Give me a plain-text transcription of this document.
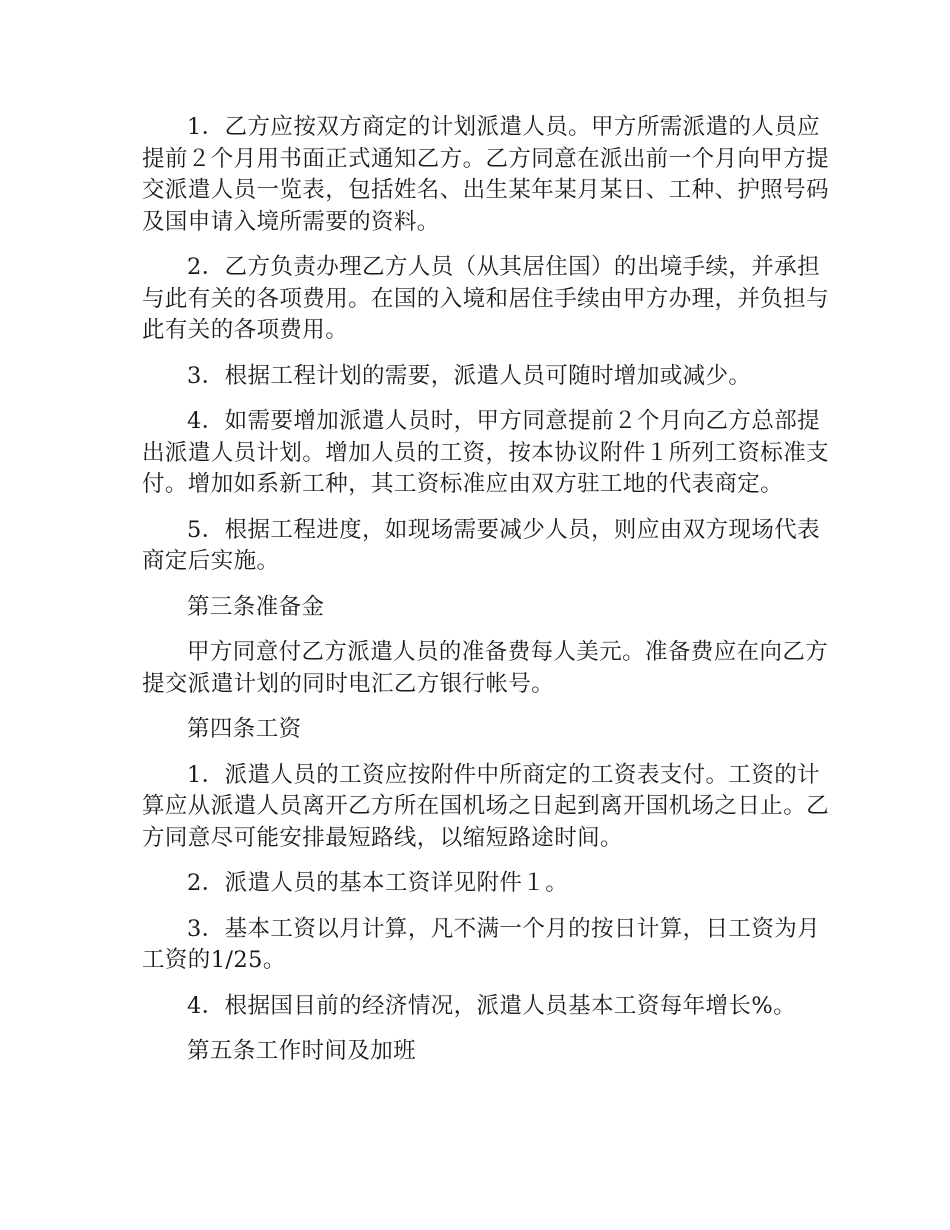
1．乙方应按双方商定的计划派遣人员。甲方所需派遣的人员应提前２个月用书面正式通知乙方。乙方同意在派出前一个月向甲方提交派遣人员一览表，包括姓名、出生某年某月某日、工种、护照号码及国申请入境所需要的资料。

2．乙方负责办理乙方人员（从其居住国）的出境手续，并承担与此有关的各项费用。在国的入境和居住手续由甲方办理，并负担与此有关的各项费用。

3．根据工程计划的需要，派遣人员可随时增加或减少。

4．如需要增加派遣人员时，甲方同意提前２个月向乙方总部提出派遣人员计划。增加人员的工资，按本协议附件１所列工资标准支付。增加如系新工种，其工资标准应由双方驻工地的代表商定。

5．根据工程进度，如现场需要减少人员，则应由双方现场代表商定后实施。

第三条准备金

甲方同意付乙方派遣人员的准备费每人美元。准备费应在向乙方提交派遣计划的同时电汇乙方银行帐号。

第四条工资

1．派遣人员的工资应按附件中所商定的工资表支付。工资的计算应从派遣人员离开乙方所在国机场之日起到离开国机场之日止。乙方同意尽可能安排最短路线，以缩短路途时间。

2．派遣人员的基本工资详见附件１。

3．基本工资以月计算，凡不满一个月的按日计算，日工资为月工资的1/25。

4．根据国目前的经济情况，派遣人员基本工资每年增长%。

第五条工作时间及加班
